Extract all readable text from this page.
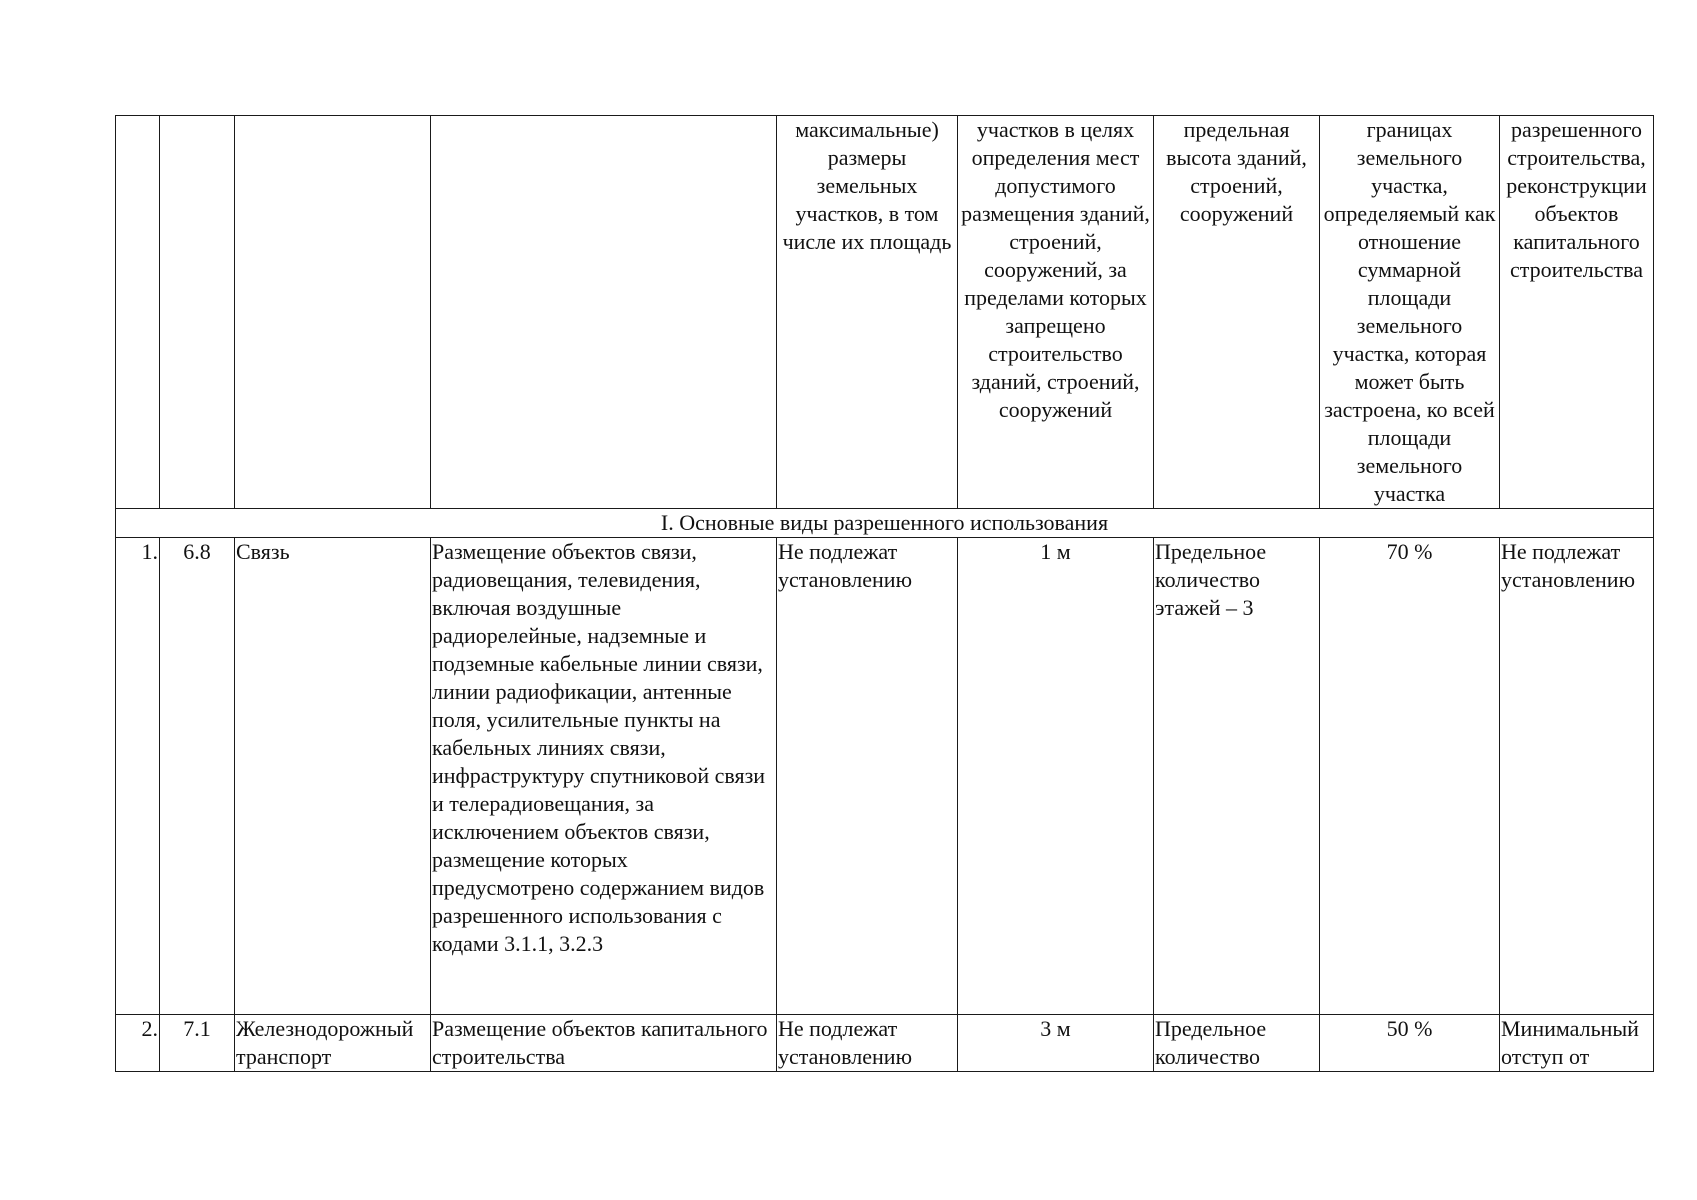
				максимальные) размеры земельных участков, в том числе их площадь	участков в целях определения мест допустимого размещения зданий, строений, сооружений, за пределами которых запрещено строительство зданий, строений, сооружений	предельная высота зданий, строений, сооружений	границах земельного участка, определяемый как отношение суммарной площади земельного участка, которая может быть застроена, ко всей площади земельного участка	разрешенного строительства, реконструкции объектов капитального строительства
I. Основные виды разрешенного использования								
1.	6.8	Связь	Размещение объектов связи, радиовещания, телевидения, включая воздушные радиорелейные, надземные и подземные кабельные линии связи, линии радиофикации, антенные поля, усилительные пункты на кабельных линиях связи, инфраструктуру спутниковой связи и телерадиовещания, за исключением объектов связи, размещение которых предусмотрено содержанием видов разрешенного использования с кодами 3.1.1, 3.2.3	Не подлежат установлению	1 м	Предельное количество этажей – 3	70 %	Не подлежат установлению
2.	7.1	Железнодорожный транспорт	Размещение объектов капитального строительства	Не подлежат установлению	3 м	Предельное количество	50 %	Минимальный отступ от
